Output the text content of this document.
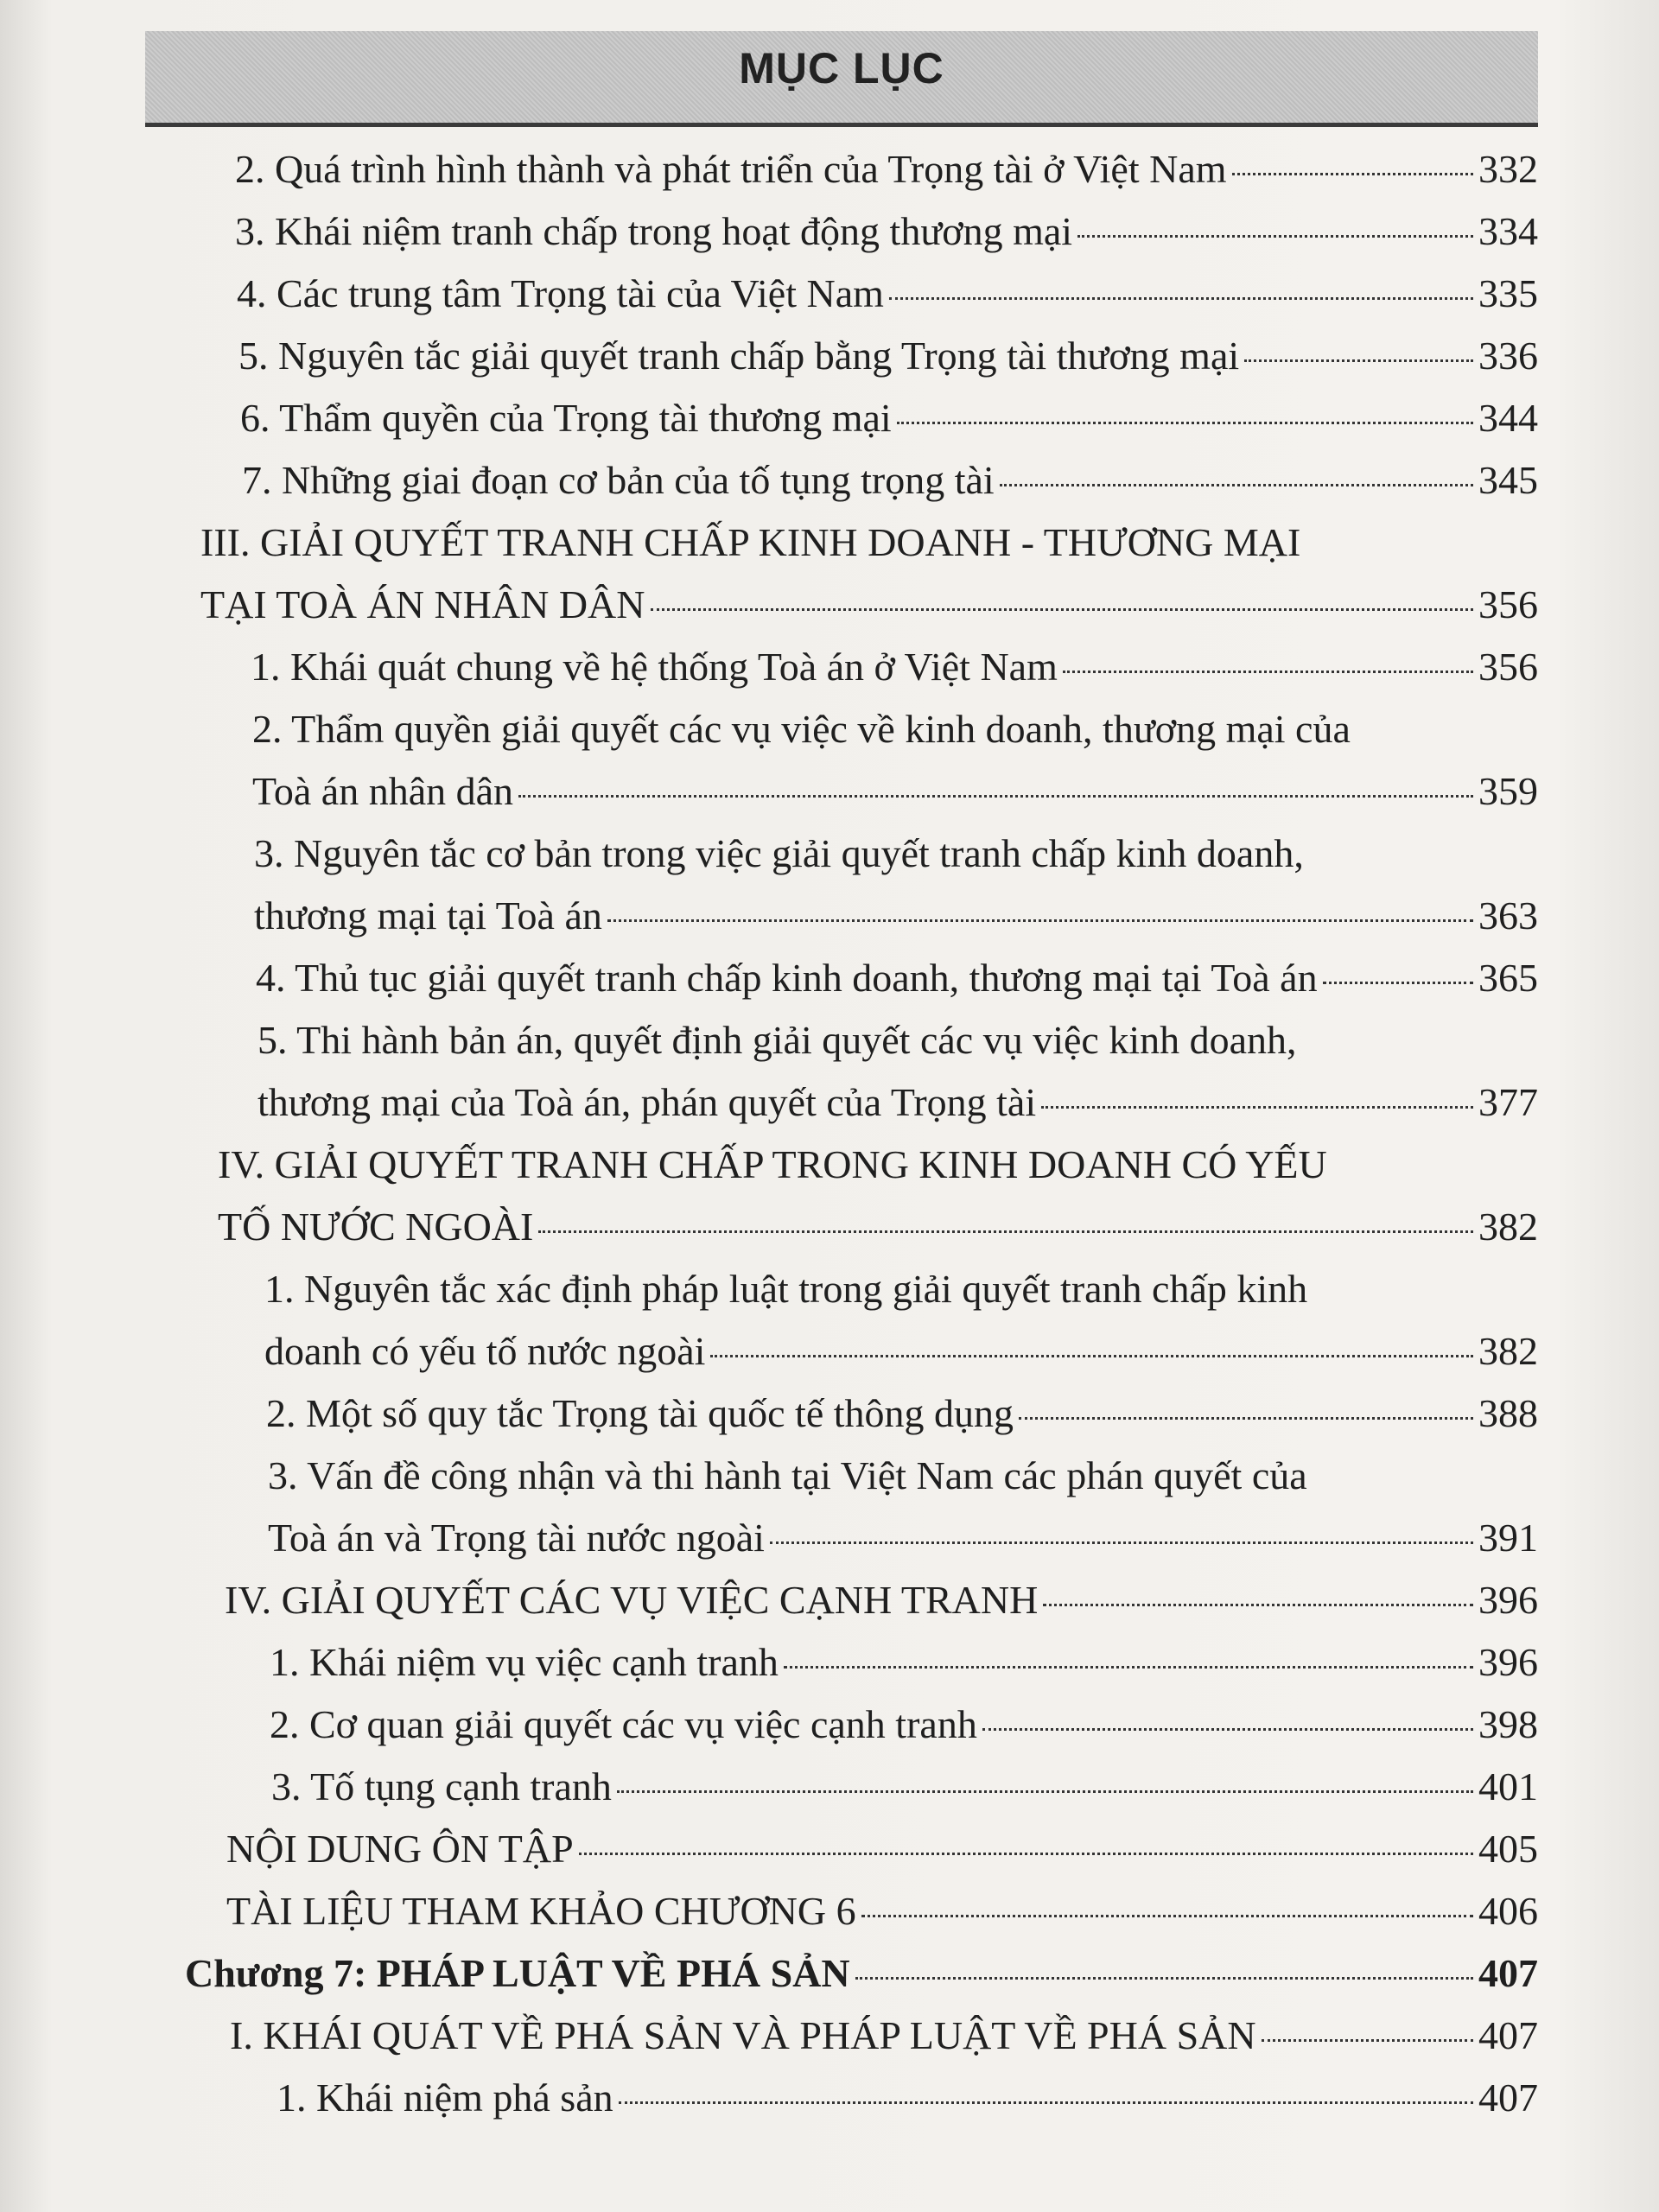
MỤC LỤC
2. Quá trình hình thành và phát triển của Trọng tài ở Việt Nam	332
3. Khái niệm tranh chấp trong hoạt động thương mại	334
4. Các trung tâm Trọng tài của Việt Nam	335
5. Nguyên tắc giải quyết tranh chấp bằng Trọng tài thương mại	336
6. Thẩm quyền của Trọng tài thương mại	344
7. Những giai đoạn cơ bản của tố tụng trọng tài	345
III. GIẢI QUYẾT TRANH CHẤP KINH DOANH - THƯƠNG MẠI
TẠI TOÀ ÁN NHÂN DÂN	356
1. Khái quát chung về hệ thống Toà án ở Việt Nam	356
2. Thẩm quyền giải quyết các vụ việc về kinh doanh, thương mại của
Toà án nhân dân	359
3. Nguyên tắc cơ bản trong việc giải quyết tranh chấp kinh doanh,
thương mại tại Toà án	363
4. Thủ tục giải quyết tranh chấp kinh doanh, thương mại tại Toà án	365
5. Thi hành bản án, quyết định giải quyết các vụ việc kinh doanh,
thương mại của Toà án, phán quyết của Trọng tài	377
IV. GIẢI QUYẾT TRANH CHẤP TRONG KINH DOANH CÓ YẾU
TỐ NƯỚC NGOÀI	382
1. Nguyên tắc xác định pháp luật trong giải quyết tranh chấp kinh
doanh có yếu tố nước ngoài	382
2. Một số quy tắc Trọng tài quốc tế thông dụng	388
3. Vấn đề công nhận và thi hành tại Việt Nam các phán quyết của
Toà án và Trọng tài nước ngoài	391
IV. GIẢI QUYẾT CÁC VỤ VIỆC CẠNH TRANH	396
1. Khái niệm vụ việc cạnh tranh	396
2. Cơ quan giải quyết các vụ việc cạnh tranh	398
3. Tố tụng cạnh tranh	401
NỘI DUNG ÔN TẬP	405
TÀI LIỆU THAM KHẢO CHƯƠNG 6	406
Chương 7: PHÁP LUẬT VỀ PHÁ SẢN	407
I. KHÁI QUÁT VỀ PHÁ SẢN VÀ PHÁP LUẬT VỀ PHÁ SẢN	407
1. Khái niệm phá sản	407
